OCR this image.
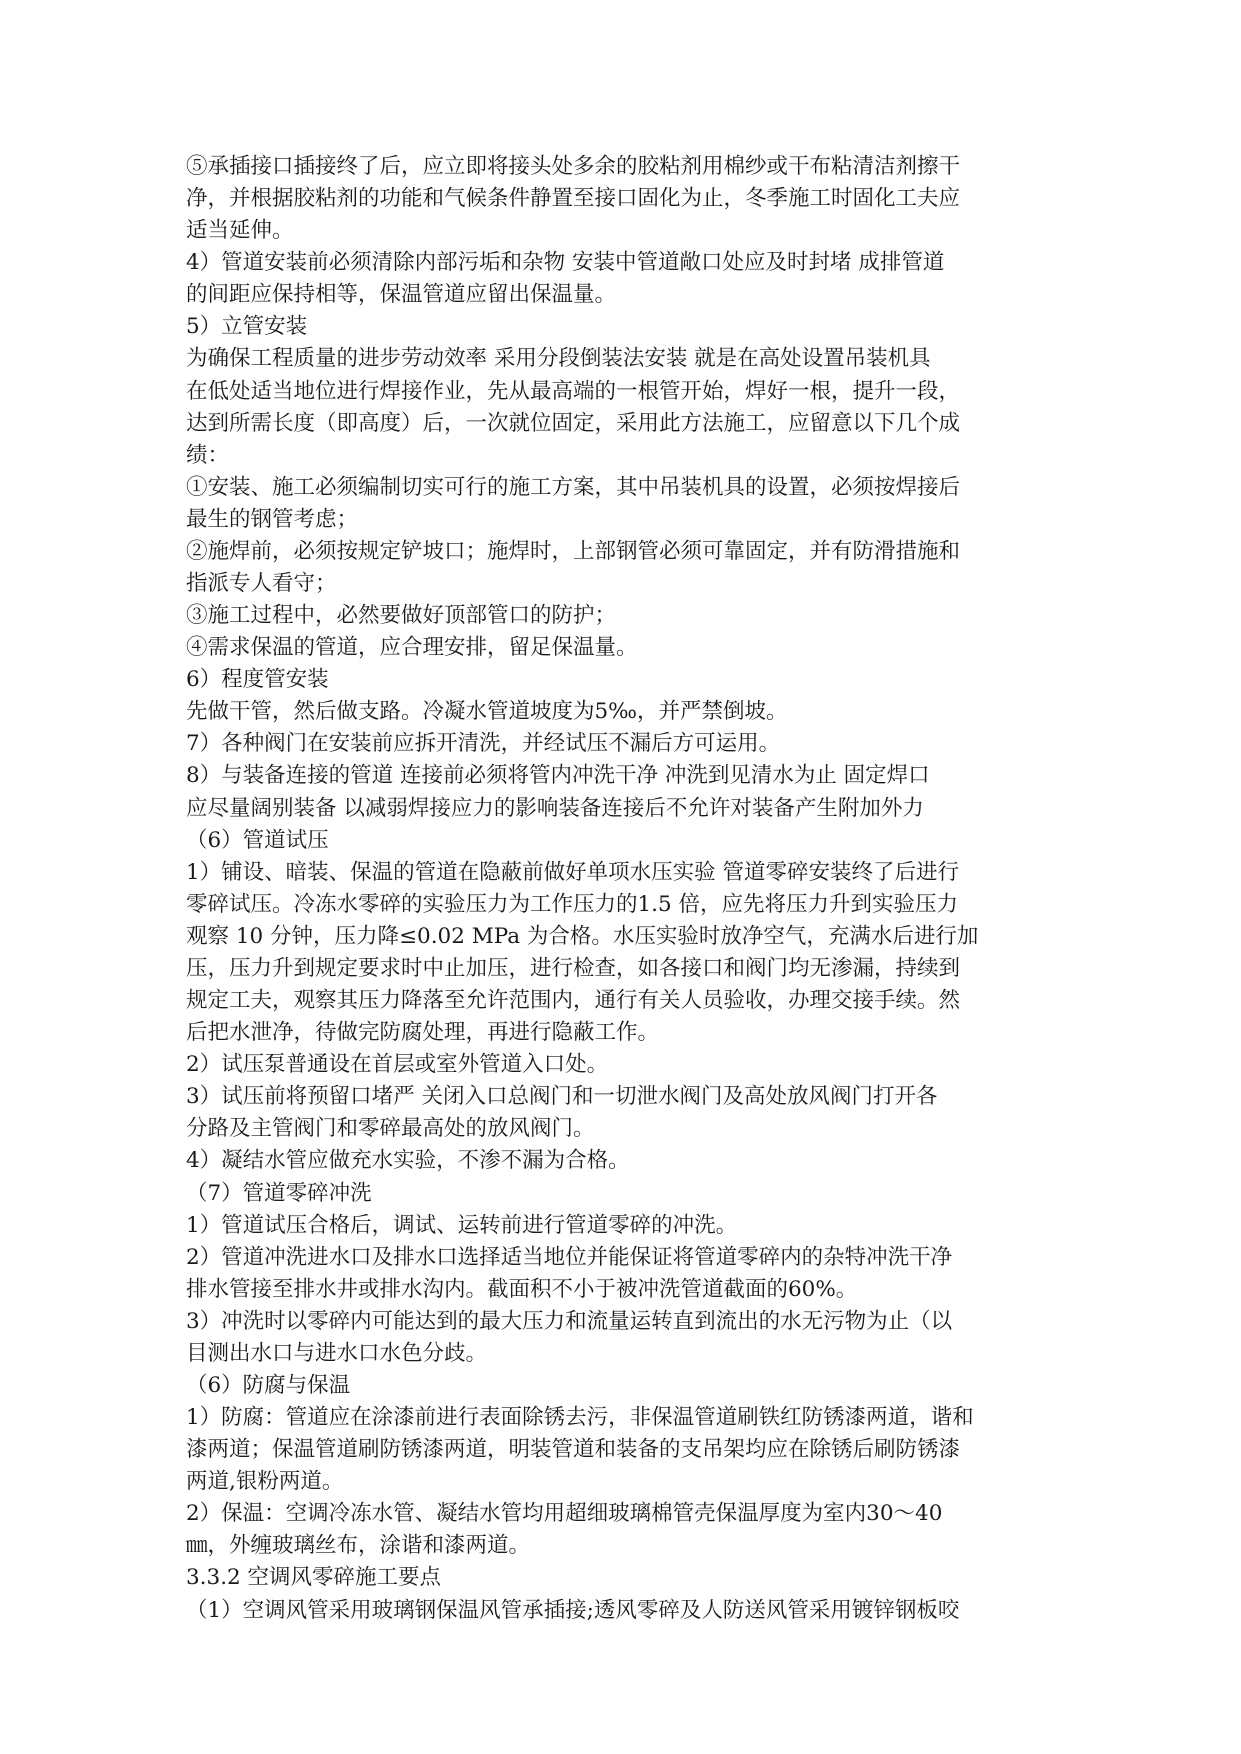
⑤承插接口插接终了后，应立即将接头处多余的胶粘剂用棉纱或干布粘清洁剂擦干
净，并根据胶粘剂的功能和气候条件静置至接口固化为止，冬季施工时固化工夫应
适当延伸。
4）管道安装前必须清除内部污垢和杂物 安装中管道敞口处应及时封堵 成排管道
的间距应保持相等，保温管道应留出保温量。
5）立管安装
为确保工程质量的进步劳动效率 采用分段倒装法安装 就是在高处设置吊装机具
在低处适当地位进行焊接作业，先从最高端的一根管开始，焊好一根，提升一段，
达到所需长度（即高度）后，一次就位固定，采用此方法施工，应留意以下几个成
绩：
①安装、施工必须编制切实可行的施工方案，其中吊装机具的设置，必须按焊接后
最生的钢管考虑；
②施焊前，必须按规定铲坡口；施焊时，上部钢管必须可靠固定，并有防滑措施和
指派专人看守；
③施工过程中，必然要做好顶部管口的防护；
④需求保温的管道，应合理安排，留足保温量。
6）程度管安装
先做干管，然后做支路。冷凝水管道坡度为5‰，并严禁倒坡。
7）各种阀门在安装前应拆开清洗，并经试压不漏后方可运用。
8）与装备连接的管道 连接前必须将管内冲洗干净 冲洗到见清水为止 固定焊口
应尽量阔别装备 以减弱焊接应力的影响装备连接后不允许对装备产生附加外力
（6）管道试压
1）铺设、暗装、保温的管道在隐蔽前做好单项水压实验 管道零碎安装终了后进行
零碎试压。冷冻水零碎的实验压力为工作压力的1.5 倍，应先将压力升到实验压力
观察 10 分钟，压力降≤0.02 MPa 为合格。水压实验时放净空气，充满水后进行加
压，压力升到规定要求时中止加压，进行检查，如各接口和阀门均无渗漏，持续到
规定工夫，观察其压力降落至允许范围内，通行有关人员验收，办理交接手续。然
后把水泄净，待做完防腐处理，再进行隐蔽工作。
2）试压泵普通设在首层或室外管道入口处。
3）试压前将预留口堵严 关闭入口总阀门和一切泄水阀门及高处放风阀门打开各
分路及主管阀门和零碎最高处的放风阀门。
4）凝结水管应做充水实验，不渗不漏为合格。
（7）管道零碎冲洗
1）管道试压合格后，调试、运转前进行管道零碎的冲洗。
2）管道冲洗进水口及排水口选择适当地位并能保证将管道零碎内的杂特冲洗干净
排水管接至排水井或排水沟内。截面积不小于被冲洗管道截面的60%。
3）冲洗时以零碎内可能达到的最大压力和流量运转直到流出的水无污物为止（以
目测出水口与进水口水色分歧。
（6）防腐与保温
1）防腐：管道应在涂漆前进行表面除锈去污，非保温管道刷铁红防锈漆两道，谐和
漆两道；保温管道刷防锈漆两道，明装管道和装备的支吊架均应在除锈后刷防锈漆
两道,银粉两道。
2）保温：空调冷冻水管、凝结水管均用超细玻璃棉管壳保温厚度为室内30～40
㎜，外缠玻璃丝布，涂谐和漆两道。
3.3.2 空调风零碎施工要点
（1）空调风管采用玻璃钢保温风管承插接;透风零碎及人防送风管采用镀锌钢板咬
